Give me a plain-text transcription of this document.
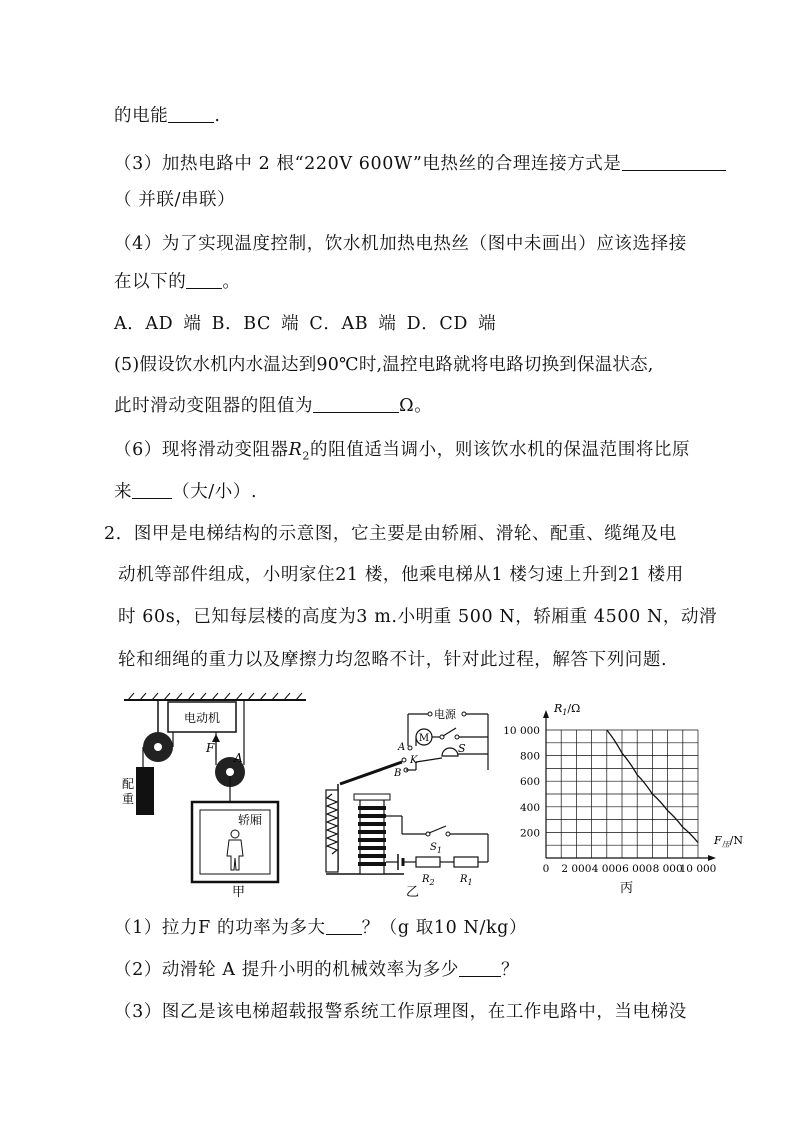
的电能	.
（3）加热电路中 2 根“220V 600W”电热丝的合理连接方式是
（ 并联/串联）
（4）为了实现温度控制，饮水机加热电热丝（图中未画出）应该选择接
在以下的 。
A．AD 端 B．BC 端 C．AB 端 D．CD 端
(5)假设饮水机内水温达到90℃时,温控电路就将电路切换到保温状态,
此时滑动变阻器的阻值为	Ω。
（6）现将滑动变阻器$R_2$的阻值适当调小，则该饮水机的保温范围将比原
来 （大/小）.
2．图甲是电梯结构的示意图，它主要是由轿厢、滑轮、配重、缆绳及电
动机等部件组成，小明家住21 楼，他乘电梯从1 楼匀速上升到21 楼用
时 60s，已知每层楼的高度为3 m.小明重 500 N，轿厢重 4500 N，动滑
轮和细绳的重力以及摩擦力均忽略不计，针对此过程，解答下列问题.
（1）拉力F 的功率为多大 ？（g 取10 N/kg）
（2）动滑轮 A 提升小明的机械效率为多少 ？
（3）图乙是该电梯超载报警系统工作原理图，在工作电路中，当电梯没
电动机
配
重
F
A
轿厢
甲
电源
M
S
A
K
B
$S_1$
$R_2$	$R_1$
乙
0 2 000 4 000 6 000 8 000
10 000
200
400
600
800
10 000
$R_1/\Omega$
$F_压/N$
丙
